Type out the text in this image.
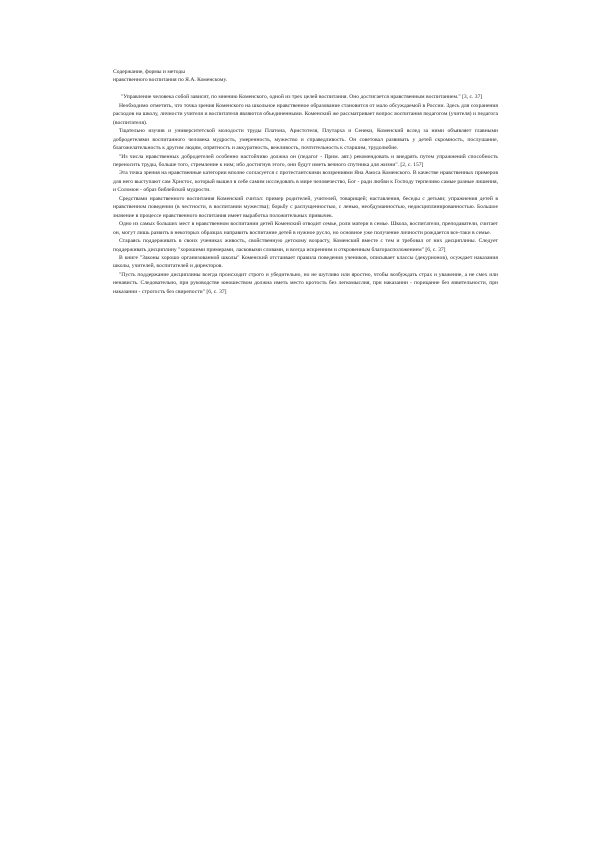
Содержание, формы и методы
нравственного воспитания по Я.А. Коменскому.

"Управление человека собой зависит, по мнению Коменского, одной из трех целей воспитания. Оно достигается нравственным воспитанием." [3, с. 37]

Необходимо отметить, что точка зрения Коменского на школьное нравственное образование становится от мало обсуждаемой в России. Здесь для сохранения расходов на школу, личности учителя и воспитателя являются объединенными. Коменский же рассматривает вопрос воспитания педагогом (учителя) и педагога (воспитателя).

Тщательно изучив и университетской молодости труды Платона, Аристотеля, Плутарха и Сенеки, Коменский вслед за ними объявляет главными добродетелями воспитанного человека мудрость, умеренность, мужество и справедливость. Он советовал развивать у детей скромность, послушание, благожелательность к другим людям, опрятность и аккуратность, вежливость, почтительность к старшим, трудолюбие.

"Из числа нравственных добродетелей особенно настойчиво должна он (педагог - Прим. авт.) рекомендовать и внедрять путем упражнений способность переносить труды, больше того, стремление к ним; ибо достигнув этого, они будут иметь вечного спутника для жизни". [2, с. 157]

Эта точка зрения на нравственные категории вполне согласуется с протестантскими воззрениями Яна Амоса Коменского. В качестве нравственных примеров для него выступают сам Христос, который вышел в себе самим исследовать в мире человечество, Бог - ради любви к Господу терпеливо самые разные лишения, и Соломон - образ библейской мудрости.

Средствами нравственного воспитания Коменский считал: пример родителей, учителей, товарищей; наставления, беседы с детьми; упражнения детей в нравственном поведении (в честности, в воспитании мужества); борьбу с распущенностью, с ленью, необдуманностью, недисциплинированностью. Большое значение в процессе нравственного воспитания имеет выработка положительных привычек.

Одно из самых больших мест в нравственном воспитании детей Коменский отводит семье, роли матери в семье. Школа, воспитатели, преподаватели, считает он, могут лишь развить в некоторых образцах направить воспитание детей в нужное русло, но основное уже получение личности рождается все-таки в семье.

Стараясь поддерживать в своих учениках живость, свойственную детскому возрасту, Коменский вместе с тем и требовал от них дисциплины. Следует поддерживать дисциплину "хорошими примерами, ласковыми словами, и всегда искренним и откровенным благорасположением" [6, с. 37]

В книге "Законы хорошо организованной школы" Коменский отстаивает правила поведения учеников, описывает классы (декурионов), осуждает наказания школы, учителей, воспитателей и директоров.

"Пусть поддержание дисциплины всегда происходит строго и убедительно, но не шутливо или яростно, чтобы возбуждать страх и уважение, а не смех или ненависть. Следовательно, при руководстве юношеством должна иметь место кротость без легкомыслия, при наказании - порицание без язвительности, при наказании - строгость без свирепости" [6, с. 37]
